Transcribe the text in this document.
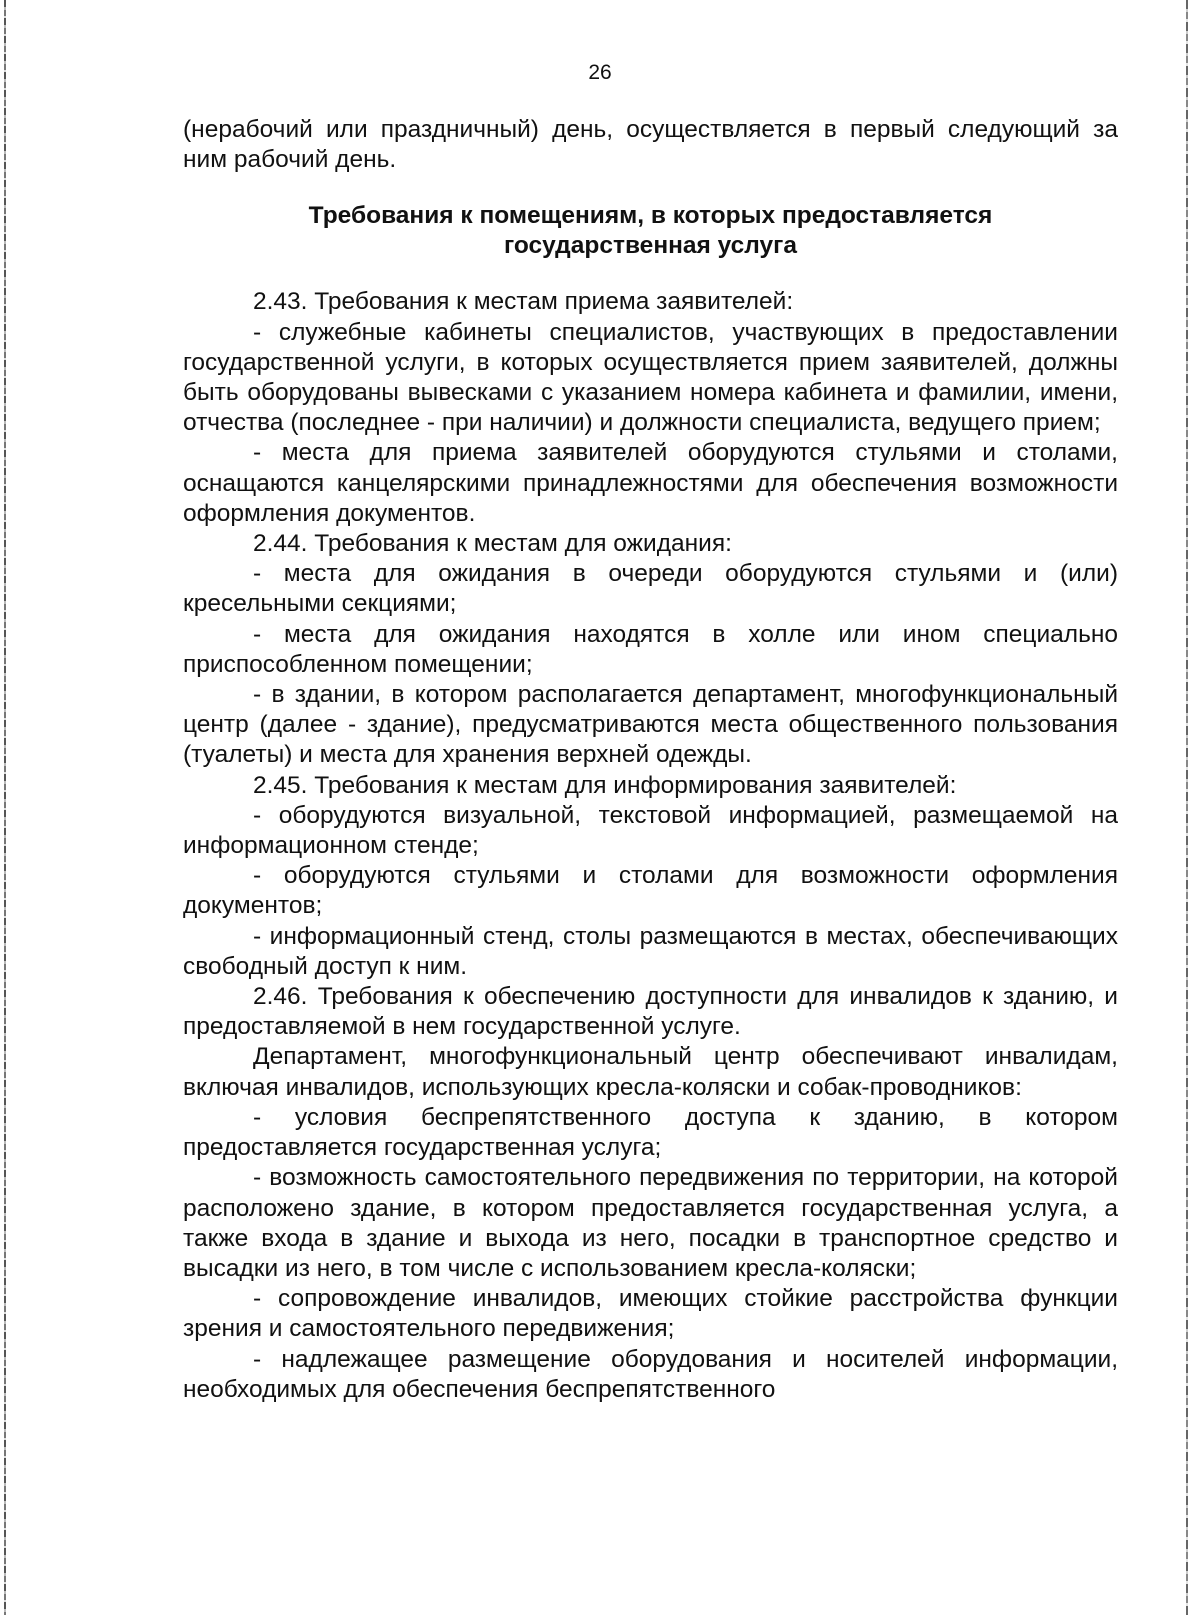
26

(нерабочий или праздничный) день, осуществляется в первый следующий за ним рабочий день.

Требования к помещениям, в которых предоставляется
государственная услуга

2.43. Требования к местам приема заявителей:

- служебные кабинеты специалистов, участвующих в предоставлении государственной услуги, в которых осуществляется прием заявителей, должны быть оборудованы вывесками с указанием номера кабинета и фамилии, имени, отчества (последнее - при наличии) и должности специалиста, ведущего прием;

- места для приема заявителей оборудуются стульями и столами, оснащаются канцелярскими принадлежностями для обеспечения возможности оформления документов.

2.44. Требования к местам для ожидания:

- места для ожидания в очереди оборудуются стульями и (или) кресельными секциями;

- места для ожидания находятся в холле или ином специально приспособленном помещении;

- в здании, в котором располагается департамент, многофункциональный центр (далее - здание), предусматриваются места общественного пользования (туалеты) и места для хранения верхней одежды.

2.45. Требования к местам для информирования заявителей:

- оборудуются визуальной, текстовой информацией, размещаемой на информационном стенде;

- оборудуются стульями и столами для возможности оформления документов;

- информационный стенд, столы размещаются в местах, обеспечивающих свободный доступ к ним.

2.46. Требования к обеспечению доступности для инвалидов к зданию, и предоставляемой в нем государственной услуге.

Департамент, многофункциональный центр обеспечивают инвалидам, включая инвалидов, использующих кресла-коляски и собак-проводников:

- условия беспрепятственного доступа к зданию, в котором предоставляется государственная услуга;

- возможность самостоятельного передвижения по территории, на которой расположено здание, в котором предоставляется государственная услуга, а также входа в здание и выхода из него, посадки в транспортное средство и высадки из него, в том числе с использованием кресла-коляски;

- сопровождение инвалидов, имеющих стойкие расстройства функции зрения и самостоятельного передвижения;

- надлежащее размещение оборудования и носителей информации, необходимых для обеспечения беспрепятственного
